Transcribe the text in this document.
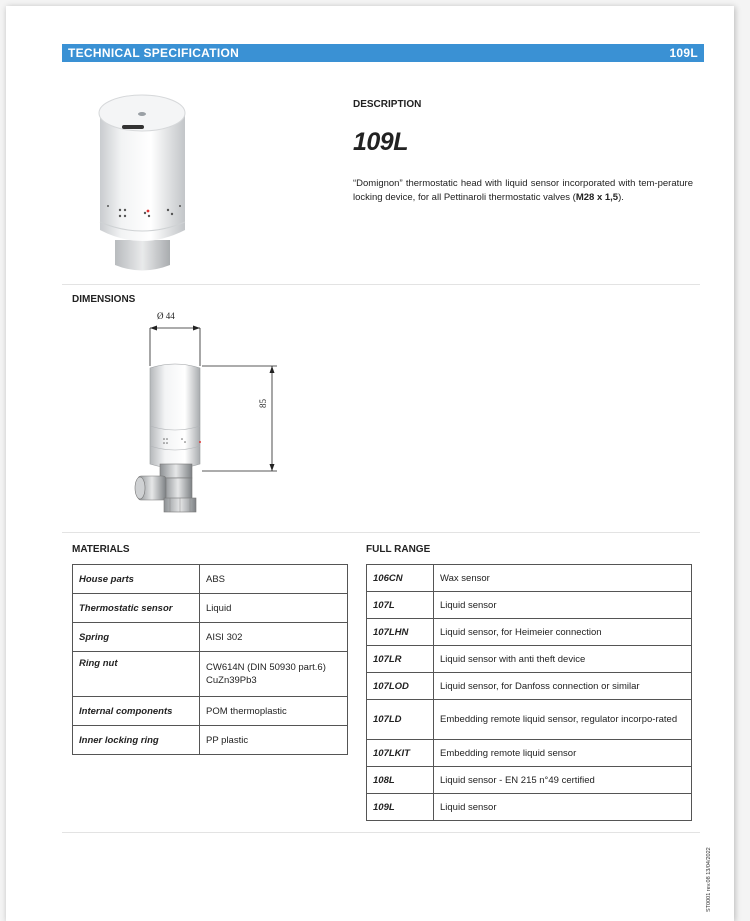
TECHNICAL SPECIFICATION	109L
DESCRIPTION
109L
“Domignon” thermostatic head with liquid sensor incorporated with tem-perature locking device, for all Pettinaroli thermostatic valves (M28 x 1,5).
DIMENSIONS
Ø 44
85
MATERIALS
House parts	ABS
Thermostatic sensor	Liquid
Spring	AISI 302
Ring nut	CW614N (DIN 50930 part.6) CuZn39Pb3
Internal components	POM thermoplastic
Inner locking ring	PP plastic
FULL RANGE
106CN	Wax sensor
107L	Liquid sensor
107LHN	Liquid sensor, for Heimeier connection
107LR	Liquid sensor with anti theft device
107LOD	Liquid sensor, for Danfoss connection or similar
107LD	Embedding remote liquid sensor, regulator incorpo-rated
107LKIT	Embedding remote liquid sensor
108L	Liquid sensor - EN 215 n°49 certified
109L	Liquid sensor
ST0001 rev.08 13/04/2022
